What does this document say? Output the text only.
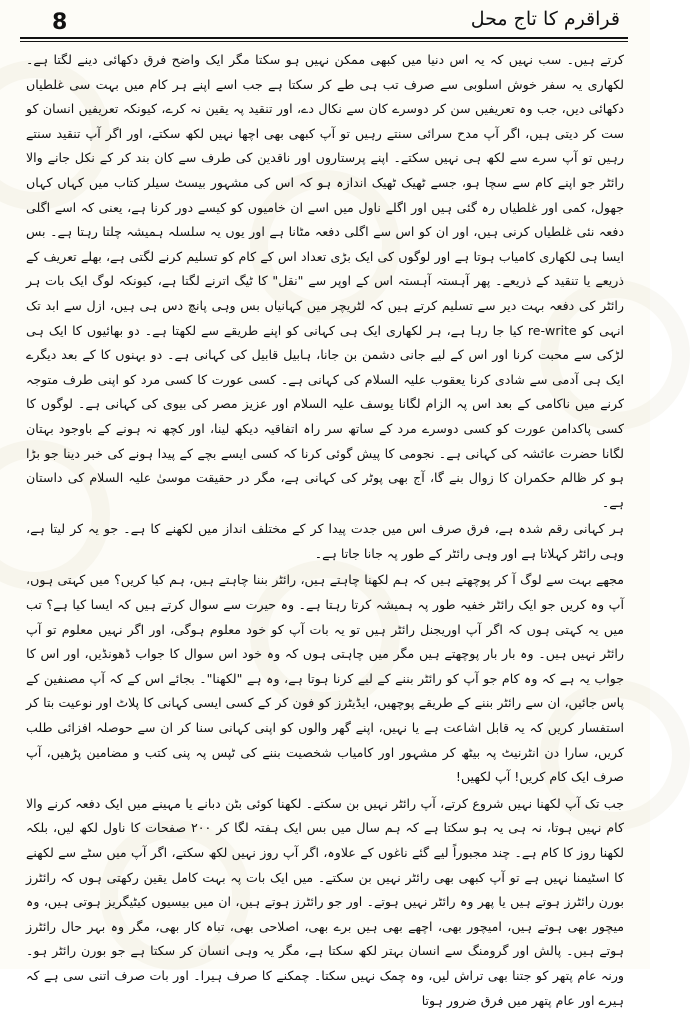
8	قراقرم کا تاج محل

کرتے ہیں۔ سب نہیں کہ یہ اس دنیا میں کبھی ممکن نہیں ہو سکتا مگر ایک واضح فرق دکھائی دینے لگتا ہے۔ لکھاری یہ سفر خوش اسلوبی سے صرف تب ہی طے کر سکتا ہے جب اسے اپنے ہر کام میں بہت سی غلطیاں دکھائی دیں، جب وہ تعریفیں سن کر دوسرے کان سے نکال دے، اور تنقید پہ یقین نہ کرے، کیونکہ تعریفیں انسان کو ست کر دیتی ہیں، اگر آپ مدح سرائی سنتے رہیں تو آپ کبھی بھی اچھا نہیں لکھ سکتے، اور اگر آپ تنقید سنتے رہیں تو آپ سرے سے لکھ ہی نہیں سکتے۔ اپنے پرستاروں اور ناقدین کی طرف سے کان بند کر کے نکل جانے والا رائٹر جو اپنے کام سے سچا ہو، جسے ٹھیک ٹھیک اندازہ ہو کہ اس کی مشہور بیسٹ سیلر کتاب میں کہاں کہاں جھول، کمی اور غلطیاں رہ گئی ہیں اور اگلے ناول میں اسے ان خامیوں کو کیسے دور کرنا ہے، یعنی کہ اسے اگلی دفعہ نئی غلطیاں کرنی ہیں، اور ان کو اس سے اگلی دفعہ مٹانا ہے اور یوں یہ سلسلہ ہمیشہ چلتا رہتا ہے۔ بس ایسا ہی لکھاری کامیاب ہوتا ہے اور لوگوں کی ایک بڑی تعداد اس کے کام کو تسلیم کرنے لگتی ہے، بھلے تعریف کے ذریعے یا تنقید کے ذریعے۔ پھر آہستہ آہستہ اس کے اوپر سے "نقل" کا ٹیگ اترنے لگتا ہے، کیونکہ لوگ ایک بات ہر رائٹر کی دفعہ بہت دیر سے تسلیم کرتے ہیں کہ لٹریچر میں کہانیاں بس وہی پانچ دس ہی ہیں، ازل سے ابد تک انہی کو re-write کیا جا رہا ہے، ہر لکھاری ایک ہی کہانی کو اپنے طریقے سے لکھتا ہے۔ دو بھائیوں کا ایک ہی لڑکی سے محبت کرنا اور اس کے لیے جانی دشمن بن جانا، ہابیل قابیل کی کہانی ہے۔ دو بہنوں کا کے بعد دیگرے ایک ہی آدمی سے شادی کرنا یعقوب علیہ السلام کی کہانی ہے۔ کسی عورت کا کسی مرد کو اپنی طرف متوجہ کرنے میں ناکامی کے بعد اس پہ الزام لگانا یوسف علیہ السلام اور عزیز مصر کی بیوی کی کہانی ہے۔ لوگوں کا کسی پاکدامن عورت کو کسی دوسرے مرد کے ساتھ سر راہ اتفاقیہ دیکھ لینا، اور کچھ نہ ہونے کے باوجود بہتان لگانا حضرت عائشہ کی کہانی ہے۔ نجومی کا پیش گوئی کرنا کہ کسی ایسے بچے کے پیدا ہونے کی خبر دینا جو بڑا ہو کر ظالم حکمران کا زوال بنے گا، آج بھی پوٹر کی کہانی ہے، مگر در حقیقت موسیٰ علیہ السلام کی داستان ہے۔

ہر کہانی رقم شدہ ہے، فرق صرف اس میں جدت پیدا کر کے مختلف انداز میں لکھنے کا ہے۔ جو یہ کر لیتا ہے، وہی رائٹر کہلاتا ہے اور وہی رائٹر کے طور پہ جانا جاتا ہے۔

مجھے بہت سے لوگ آ کر پوچھتے ہیں کہ ہم لکھنا چاہتے ہیں، رائٹر بننا چاہتے ہیں، ہم کیا کریں؟ میں کہتی ہوں، آپ وہ کریں جو ایک رائٹر خفیہ طور پہ ہمیشہ کرتا رہتا ہے۔ وہ حیرت سے سوال کرتے ہیں کہ ایسا کیا ہے؟ تب میں یہ کہتی ہوں کہ اگر آپ اوریجنل رائٹر ہیں تو یہ بات آپ کو خود معلوم ہوگی، اور اگر نہیں معلوم تو آپ رائٹر نہیں ہیں۔ وہ بار بار پوچھتے ہیں مگر میں چاہتی ہوں کہ وہ خود اس سوال کا جواب ڈھونڈیں، اور اس کا جواب یہ ہے کہ وہ کام جو آپ کو رائٹر بننے کے لیے کرنا ہوتا ہے، وہ ہے "لکھنا"۔ بجائے اس کے کہ آپ مصنفین کے پاس جائیں، ان سے رائٹر بننے کے طریقے پوچھیں، ایڈیٹرز کو فون کر کے کسی ایسی کہانی کا پلاٹ اور نوعیت بتا کر استفسار کریں کہ یہ قابل اشاعت ہے یا نہیں، اپنے گھر والوں کو اپنی کہانی سنا کر ان سے حوصلہ افزائی طلب کریں، سارا دن انٹرنیٹ پہ بیٹھ کر مشہور اور کامیاب شخصیت بننے کی ٹپس پہ پنی کتب و مضامین پڑھیں، آپ صرف ایک کام کریں! آپ لکھیں!

جب تک آپ لکھنا نہیں شروع کرتے، آپ رائٹر نہیں بن سکتے۔ لکھنا کوئی بٹن دبانے یا مہینے میں ایک دفعہ کرنے والا کام نہیں ہوتا، نہ ہی یہ ہو سکتا ہے کہ ہم سال میں بس ایک ہفتہ لگا کر ۲۰۰ صفحات کا ناول لکھ لیں، بلکہ لکھنا روز کا کام ہے۔ چند مجبوراً لیے گئے ناغوں کے علاوہ، اگر آپ روز نہیں لکھ سکتے، اگر آپ میں سٹے سے لکھنے کا اسٹیمنا نہیں ہے تو آپ کبھی بھی رائٹر نہیں بن سکتے۔ میں ایک بات پہ بہت کامل یقین رکھتی ہوں کہ رائٹرز بورن رائٹرز ہوتے ہیں یا پھر وہ رائٹر نہیں ہوتے۔ اور جو رائٹرز ہوتے ہیں، ان میں بیسیوں کیٹیگریز ہوتی ہیں، وہ میچور بھی ہوتے ہیں، امیچور بھی، اچھے بھی ہیں برے بھی، اصلاحی بھی، تباہ کار بھی، مگر وہ بہر حال رائٹرز ہوتے ہیں۔ پالش اور گرومنگ سے انسان بہتر لکھ سکتا ہے، مگر یہ وہی انسان کر سکتا ہے جو بورن رائٹر ہو۔ ورنہ عام پتھر کو جتنا بھی تراش لیں، وہ چمک نہیں سکتا۔ چمکنے کا صرف ہیرا۔ اور بات صرف اتنی سی ہے کہ ہیرے اور عام پتھر میں فرق ضرور ہوتا
